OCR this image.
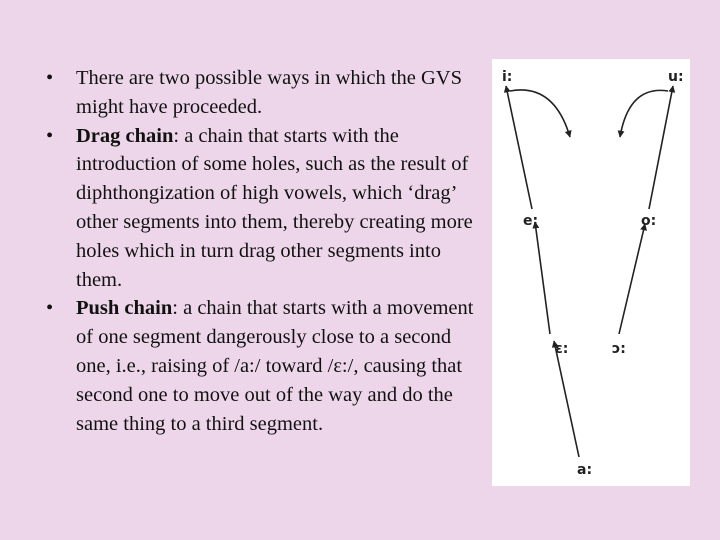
• There are two possible ways in which the GVS might have proceeded.
• Drag chain: a chain that starts with the introduction of some holes, such as the result of diphthongization of high vowels, which ‘drag’ other segments into them, thereby creating more holes which in turn drag other segments into them.
• Push chain: a chain that starts with a movement of one segment dangerously close to a second one, i.e., raising of /a:/ toward /ɛ:/, causing that second one to move out of the way and do the same thing to a third segment.
i:	u:
e:	o:
ɛ:	ɔ:
a:
